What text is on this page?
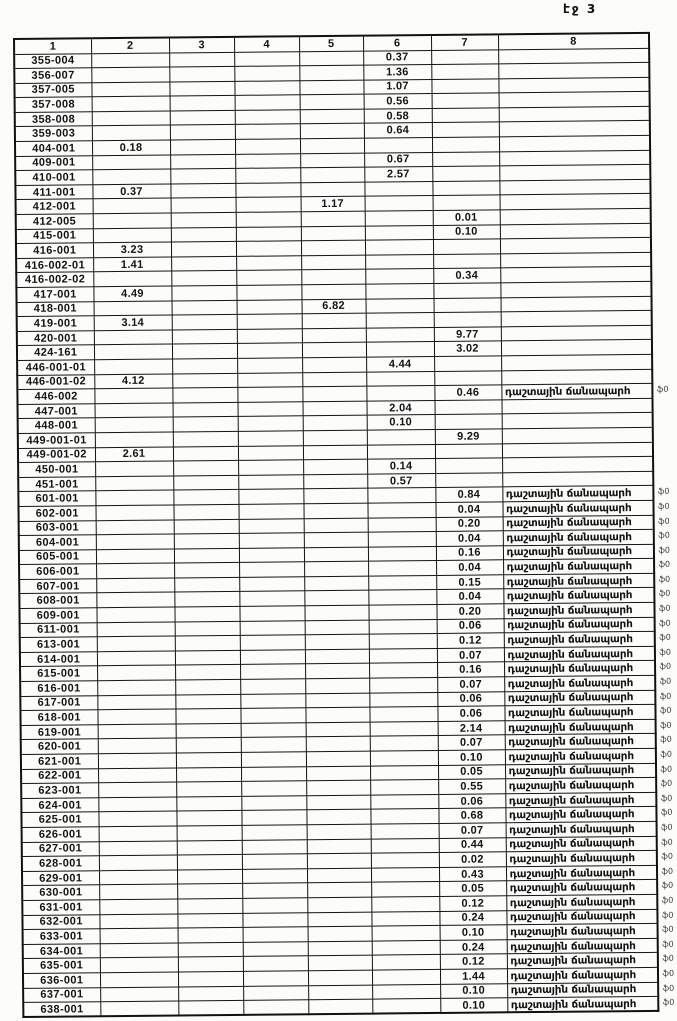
էջ 3
1	2	3	4	5	6	7	8
355-004					0.37		
356-007					1.36		
357-005					1.07		
357-008					0.56		
358-008					0.58		
359-003					0.64		
404-001	0.18						
409-001					0.67		
410-001					2.57		
411-001	0.37						
412-001				1.17			
412-005						0.01	
415-001						0.10	
416-001	3.23						
416-002-01	1.41						
416-002-02						0.34	
417-001	4.49						
418-001				6.82			
419-001	3.14						
420-001						9.77	
424-161						3.02	
446-001-01					4.44		
446-001-02	4.12						
446-002						0.46	դաշտային ճանապարհ ֆ0

447-001					2.04		
448-001					0.10		
449-001-01						9.29	
449-001-02	2.61						
450-001					0.14		
451-001					0.57		
601-001						0.84	դաշտային ճանապարհ ֆ0

602-001						0.04	դաշտային ճանապարհ ֆ0

603-001						0.20	դաշտային ճանապարհ ֆ0

604-001						0.04	դաշտային ճանապարհ ֆ0

605-001						0.16	դաշտային ճանապարհ ֆ0

606-001						0.04	դաշտային ճանապարհ ֆ0

607-001						0.15	դաշտային ճանապարհ ֆ0

608-001						0.04	դաշտային ճանապարհ ֆ0

609-001						0.20	դաշտային ճանապարհ ֆ0

611-001						0.06	դաշտային ճանապարհ ֆ0

613-001						0.12	դաշտային ճանապարհ ֆ0

614-001						0.07	դաշտային ճանապարհ ֆ0

615-001						0.16	դաշտային ճանապարհ ֆ0

616-001						0.07	դաշտային ճանապարհ ֆ0

617-001						0.06	դաշտային ճանապարհ ֆ0

618-001						0.06	դաշտային ճանապարհ ֆ0

619-001						2.14	դաշտային ճանապարհ ֆ0

620-001						0.07	դաշտային ճանապարհ ֆ0

621-001						0.10	դաշտային ճանապարհ ֆ0

622-001						0.05	դաշտային ճանապարհ ֆ0

623-001						0.55	դաշտային ճանապարհ ֆ0

624-001						0.06	դաշտային ճանապարհ ֆ0

625-001						0.68	դաշտային ճանապարհ ֆ0

626-001						0.07	դաշտային ճանապարհ ֆ0

627-001						0.44	դաշտային ճանապարհ ֆ0

628-001						0.02	դաշտային ճանապարհ ֆ0

629-001						0.43	դաշտային ճանապարհ ֆ0

630-001						0.05	դաշտային ճանապարհ ֆ0

631-001						0.12	դաշտային ճանապարհ ֆ0

632-001						0.24	դաշտային ճանապարհ ֆ0

633-001						0.10	դաշտային ճանապարհ ֆ0

634-001						0.24	դաշտային ճանապարհ ֆ0

635-001						0.12	դաշտային ճանապարհ ֆ0

636-001						1.44	դաշտային ճանապարհ ֆ0

637-001						0.10	դաշտային ճանապարհ ֆ0

638-001						0.10	դաշտային ճանապարհ ֆ0
